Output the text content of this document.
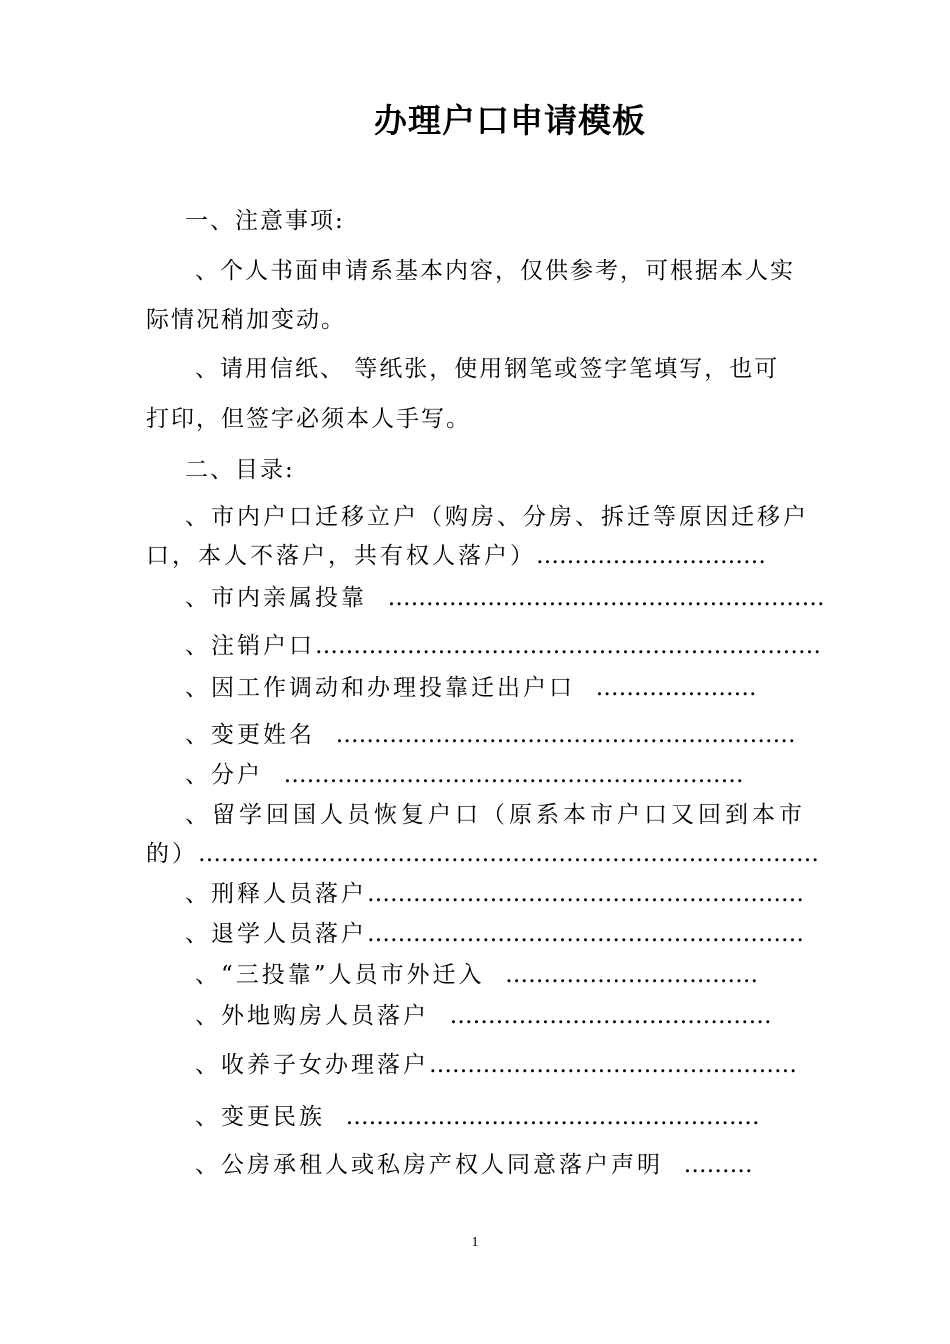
办理户口申请模板
一、注意事项:
、个人书面申请系基本内容，仅供参考，可根据本人实
际情况稍加变动。
、请用信纸、 等纸张，使用钢笔或签字笔填写，也可
打印，但签字必须本人手写。
二、目录:
、市内户口迁移立户（购房、分房、拆迁等原因迁移户
口，本人不落户，共有权人落户）…………………………
、市内亲属投靠 …………………………………………………
、注销户口…………………………………………………………
、因工作调动和办理投靠迁出户口 …………………
、变更姓名 ……………………………………………………
、分户 ……………………………………………………
、留学回国人员恢复户口（原系本市户口又回到本市
的）………………………………………………………………………
、刑释人员落户…………………………………………………
、退学人员落户…………………………………………………
、“三投靠”人员市外迁入 ……………………………
、外地购房人员落户 ……………………………………
、收养子女办理落户…………………………………………
、变更民族 ………………………………………………
、公房承租人或私房产权人同意落户声明 ………
1
